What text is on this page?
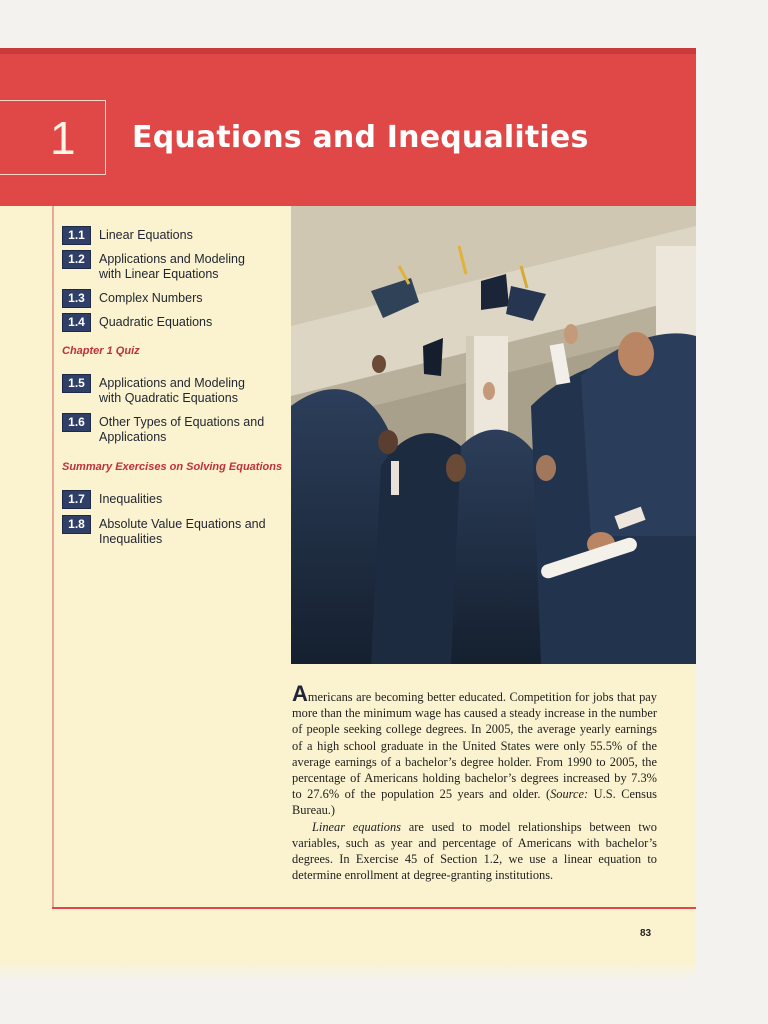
1	Equations and Inequalities
1.1	Linear Equations
1.2	Applications and Modeling with Linear Equations
1.3	Complex Numbers
1.4	Quadratic Equations
Chapter 1 Quiz
1.5	Applications and Modeling with Quadratic Equations
1.6	Other Types of Equations and Applications
Summary Exercises on Solving Equations
1.7	Inequalities
1.8	Absolute Value Equations and Inequalities

Americans are becoming better educated. Competition for jobs that pay more than the minimum wage has caused a steady increase in the number of people seeking college degrees. In 2005, the average yearly earnings of a high school graduate in the United States were only 55.5% of the average earnings of a bachelor’s degree holder. From 1990 to 2005, the percentage of Americans holding bachelor’s degrees increased by 7.3% to 27.6% of the population 25 years and older. (Source: U.S. Census Bureau.)

Linear equations are used to model relationships between two variables, such as year and percentage of Americans with bachelor’s degrees. In Exercise 45 of Section 1.2, we use a linear equation to determine enrollment at degree-granting institutions.

83
